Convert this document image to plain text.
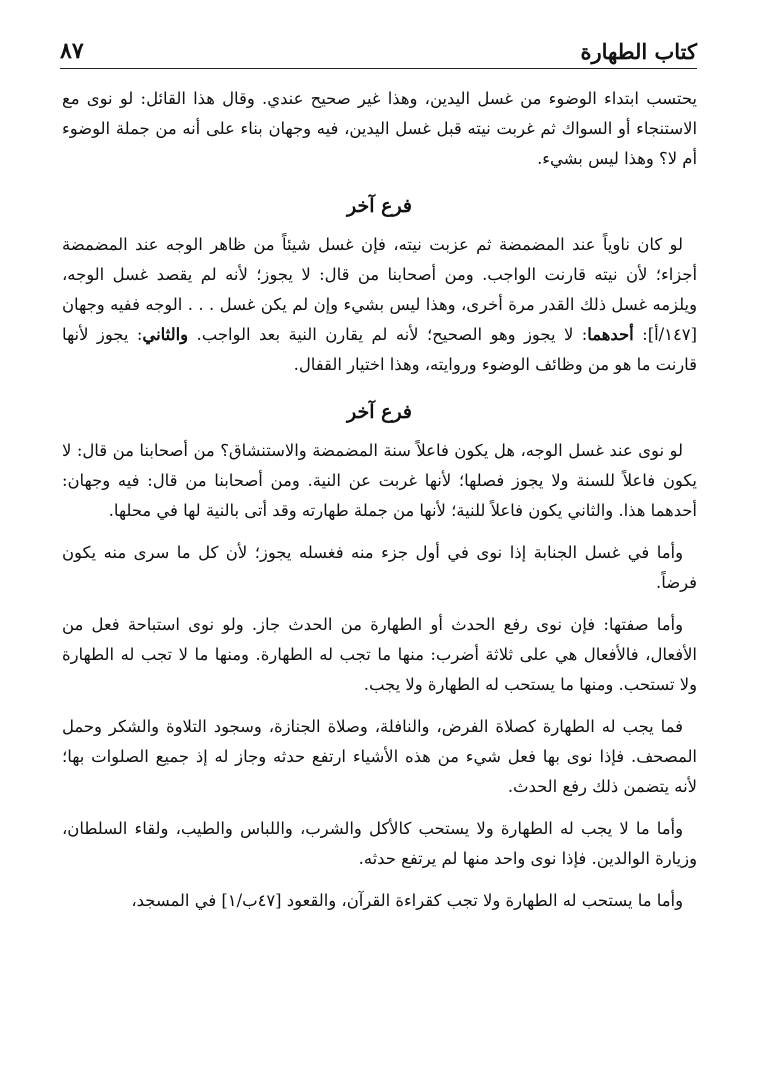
٨٧	كتاب الطهارة

يحتسب ابتداء الوضوء من غسل اليدين، وهذا غير صحيح عندي. وقال هذا القائل: لو نوى مع الاستنجاء أو السواك ثم غربت نيته قبل غسل اليدين، فيه وجهان بناء على أنه من جملة الوضوء أم لا؟ وهذا ليس بشيء.

فرع آخر

لو كان ناوياً عند المضمضة ثم عزبت نيته، فإن غسل شيئاً من ظاهر الوجه عند المضمضة أجزاء؛ لأن نيته قارنت الواجب. ومن أصحابنا من قال: لا يجوز؛ لأنه لم يقصد غسل الوجه، ويلزمه غسل ذلك القدر مرة أخرى، وهذا ليس بشيء وإن لم يكن غسل . . . الوجه ففيه وجهان [١٤٧/أ]: أحدهما: لا يجوز وهو الصحيح؛ لأنه لم يقارن النية بعد الواجب. والثاني: يجوز لأنها قارنت ما هو من وظائف الوضوء وروايته، وهذا اختيار القفال.

فرع آخر

لو نوى عند غسل الوجه، هل يكون فاعلاً سنة المضمضة والاستنشاق؟ من أصحابنا من قال: لا يكون فاعلاً للسنة ولا يجوز فصلها؛ لأنها غربت عن النية. ومن أصحابنا من قال: فيه وجهان: أحدهما هذا. والثاني يكون فاعلاً للنية؛ لأنها من جملة طهارته وقد أتى بالنية لها في محلها.

وأما في غسل الجنابة إذا نوى في أول جزء منه فغسله يجوز؛ لأن كل ما سرى منه يكون فرضاً.

وأما صفتها: فإن نوى رفع الحدث أو الطهارة من الحدث جاز. ولو نوى استباحة فعل من الأفعال، فالأفعال هي على ثلاثة أضرب: منها ما تجب له الطهارة. ومنها ما لا تجب له الطهارة ولا تستحب. ومنها ما يستحب له الطهارة ولا يجب.

فما يجب له الطهارة كصلاة الفرض، والنافلة، وصلاة الجنازة، وسجود التلاوة والشكر وحمل المصحف. فإذا نوى بها فعل شيء من هذه الأشياء ارتفع حدثه وجاز له إذ جميع الصلوات بها؛ لأنه يتضمن ذلك رفع الحدث.

وأما ما لا يجب له الطهارة ولا يستحب كالأكل والشرب، واللباس والطيب، ولقاء السلطان، وزيارة الوالدين. فإذا نوى واحد منها لم يرتفع حدثه.

وأما ما يستحب له الطهارة ولا تجب كقراءة القرآن، والقعود [٤٧ب/١] في المسجد،
